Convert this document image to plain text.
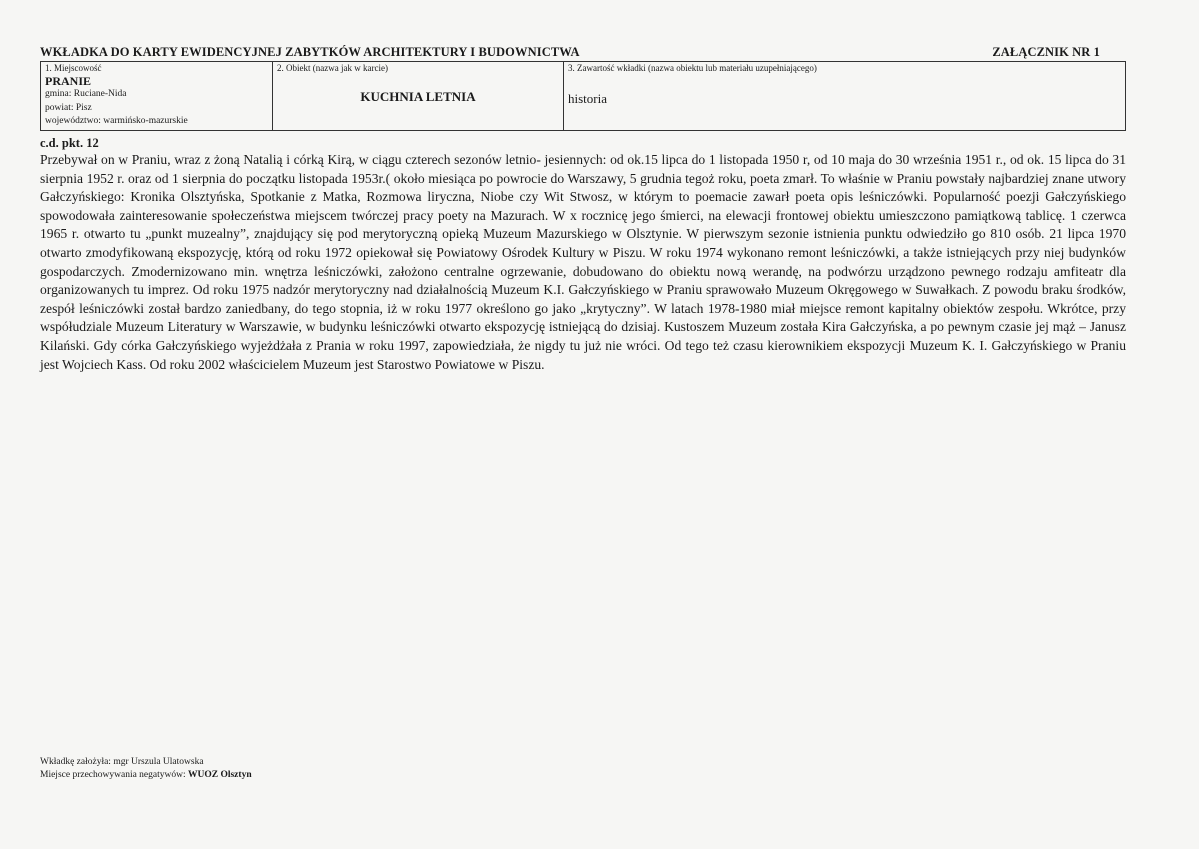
WKŁADKA DO KARTY EWIDENCYJNEJ ZABYTKÓW ARCHITEKTURY I BUDOWNICTWA	ZAŁĄCZNIK NR 1
1. Miejscowość
PRANIE
gmina: Ruciane-Nida
powiat: Pisz
województwo: warmińsko-mazurskie

2. Obiekt (nazwa jak w karcie)
KUCHNIA LETNIA

3. Zawartość wkładki (nazwa obiektu lub materiału uzupełniającego)
historia
c.d. pkt. 12

Przebywał on w Praniu, wraz z żoną Natalią i córką Kirą, w ciągu czterech sezonów letnio- jesiennych: od ok.15 lipca do 1 listopada 1950 r, od 10 maja do 30 września 1951 r., od ok. 15 lipca do 31 sierpnia 1952 r. oraz od 1 sierpnia do początku listopada 1953r.( około miesiąca po powrocie do Warszawy, 5 grudnia tegoż roku, poeta zmarł. To właśnie w Praniu powstały najbardziej znane utwory Gałczyńskiego: Kronika Olsztyńska, Spotkanie z Matka, Rozmowa liryczna, Niobe czy Wit Stwosz, w którym to poemacie zawarł poeta opis leśniczówki. Popularność poezji Gałczyńskiego spowodowała zainteresowanie społeczeństwa miejscem twórczej pracy poety na Mazurach. W x rocznicę jego śmierci, na elewacji frontowej obiektu umieszczono pamiątkową tablicę. 1 czerwca 1965 r. otwarto tu „punkt muzealny”, znajdujący się pod merytoryczną opieką Muzeum Mazurskiego w Olsztynie. W pierwszym sezonie istnienia punktu odwiedziło go 810 osób. 21 lipca 1970 otwarto zmodyfikowaną ekspozycję, którą od roku 1972 opiekował się Powiatowy Ośrodek Kultury w Piszu. W roku 1974 wykonano remont leśniczówki, a także istniejących przy niej budynków gospodarczych. Zmodernizowano min. wnętrza leśniczówki, założono centralne ogrzewanie, dobudowano do obiektu nową werandę, na podwórzu urządzono pewnego rodzaju amfiteatr dla organizowanych tu imprez. Od roku 1975 nadzór merytoryczny nad działalnością Muzeum K.I. Gałczyńskiego w Praniu sprawowało Muzeum Okręgowego w Suwałkach. Z powodu braku środków, zespół leśniczówki został bardzo zaniedbany, do tego stopnia, iż w roku 1977 określono go jako „krytyczny”. W latach 1978-1980 miał miejsce remont kapitalny obiektów zespołu. Wkrótce, przy współudziale Muzeum Literatury w Warszawie, w budynku leśniczówki otwarto ekspozycję istniejącą do dzisiaj. Kustoszem Muzeum została Kira Gałczyńska, a po pewnym czasie jej mąż – Janusz Kilański. Gdy córka Gałczyńskiego wyjeżdżała z Prania w roku 1997, zapowiedziała, że nigdy tu już nie wróci. Od tego też czasu kierownikiem ekspozycji Muzeum K. I. Gałczyńskiego w Praniu jest Wojciech Kass. Od roku 2002 właścicielem Muzeum jest Starostwo Powiatowe w Piszu.

Wkładkę założyła: mgr Urszula Ulatowska
Miejsce przechowywania negatywów: WUOZ Olsztyn
